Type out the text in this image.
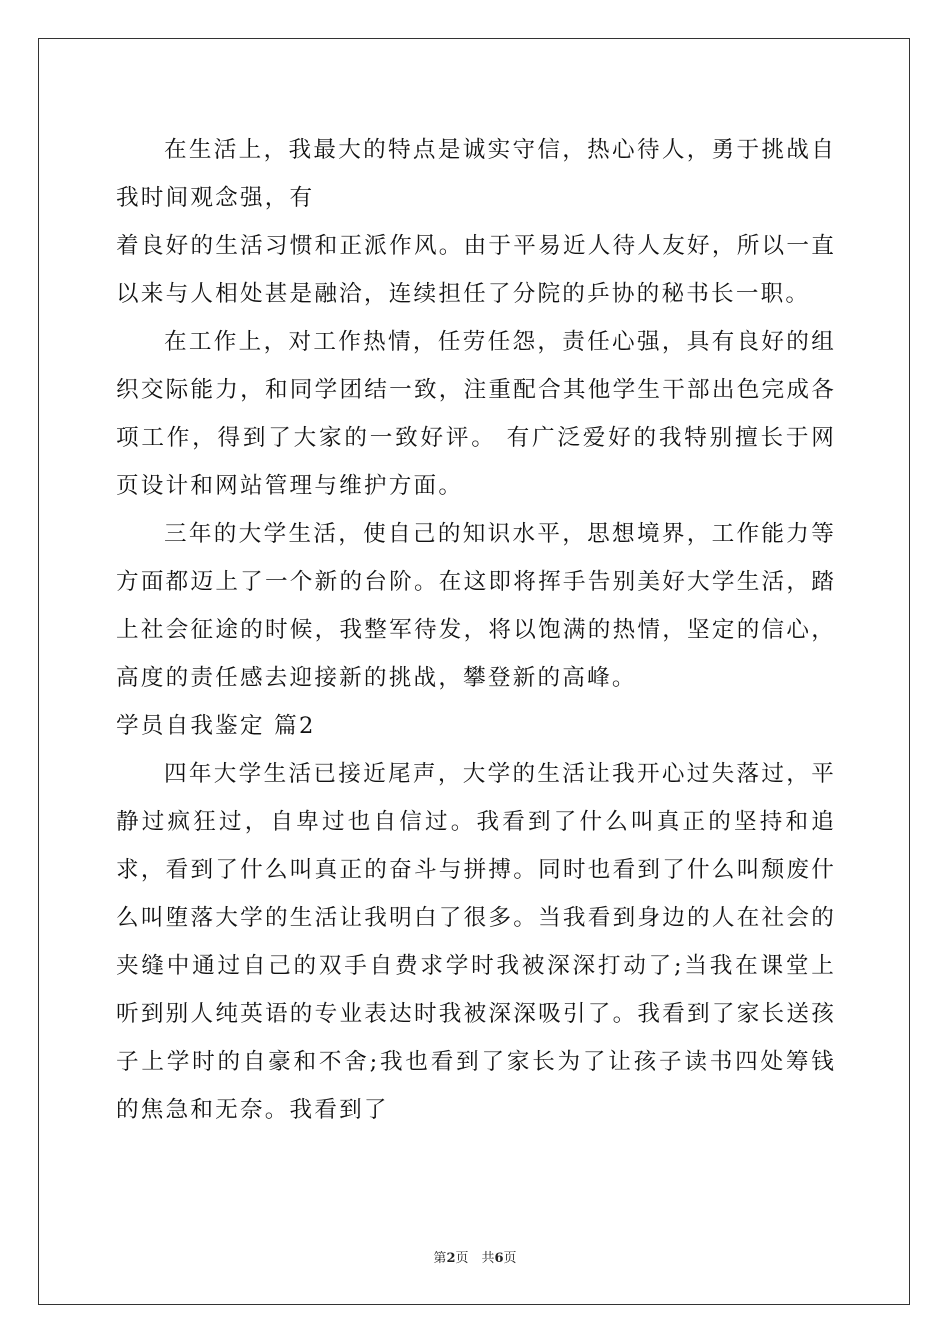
在生活上，我最大的特点是诚实守信，热心待人，勇于挑战自我时间观念强，有

着良好的生活习惯和正派作风。由于平易近人待人友好，所以一直以来与人相处甚是融洽，连续担任了分院的乒协的秘书长一职。

在工作上，对工作热情，任劳任怨，责任心强，具有良好的组织交际能力，和同学团结一致，注重配合其他学生干部出色完成各项工作，得到了大家的一致好评。 有广泛爱好的我特别擅长于网页设计和网站管理与维护方面。

三年的大学生活，使自己的知识水平，思想境界，工作能力等方面都迈上了一个新的台阶。在这即将挥手告别美好大学生活，踏上社会征途的时候，我整军待发，将以饱满的热情，坚定的信心，高度的责任感去迎接新的挑战，攀登新的高峰。

学员自我鉴定 篇2

四年大学生活已接近尾声，大学的生活让我开心过失落过，平静过疯狂过，自卑过也自信过。我看到了什么叫真正的坚持和追求，看到了什么叫真正的奋斗与拼搏。同时也看到了什么叫颓废什么叫堕落大学的生活让我明白了很多。当我看到身边的人在社会的夹缝中通过自己的双手自费求学时我被深深打动了;当我在课堂上听到别人纯英语的专业表达时我被深深吸引了。我看到了家长送孩子上学时的自豪和不舍;我也看到了家长为了让孩子读书四处筹钱的焦急和无奈。我看到了

第2页　共6页
